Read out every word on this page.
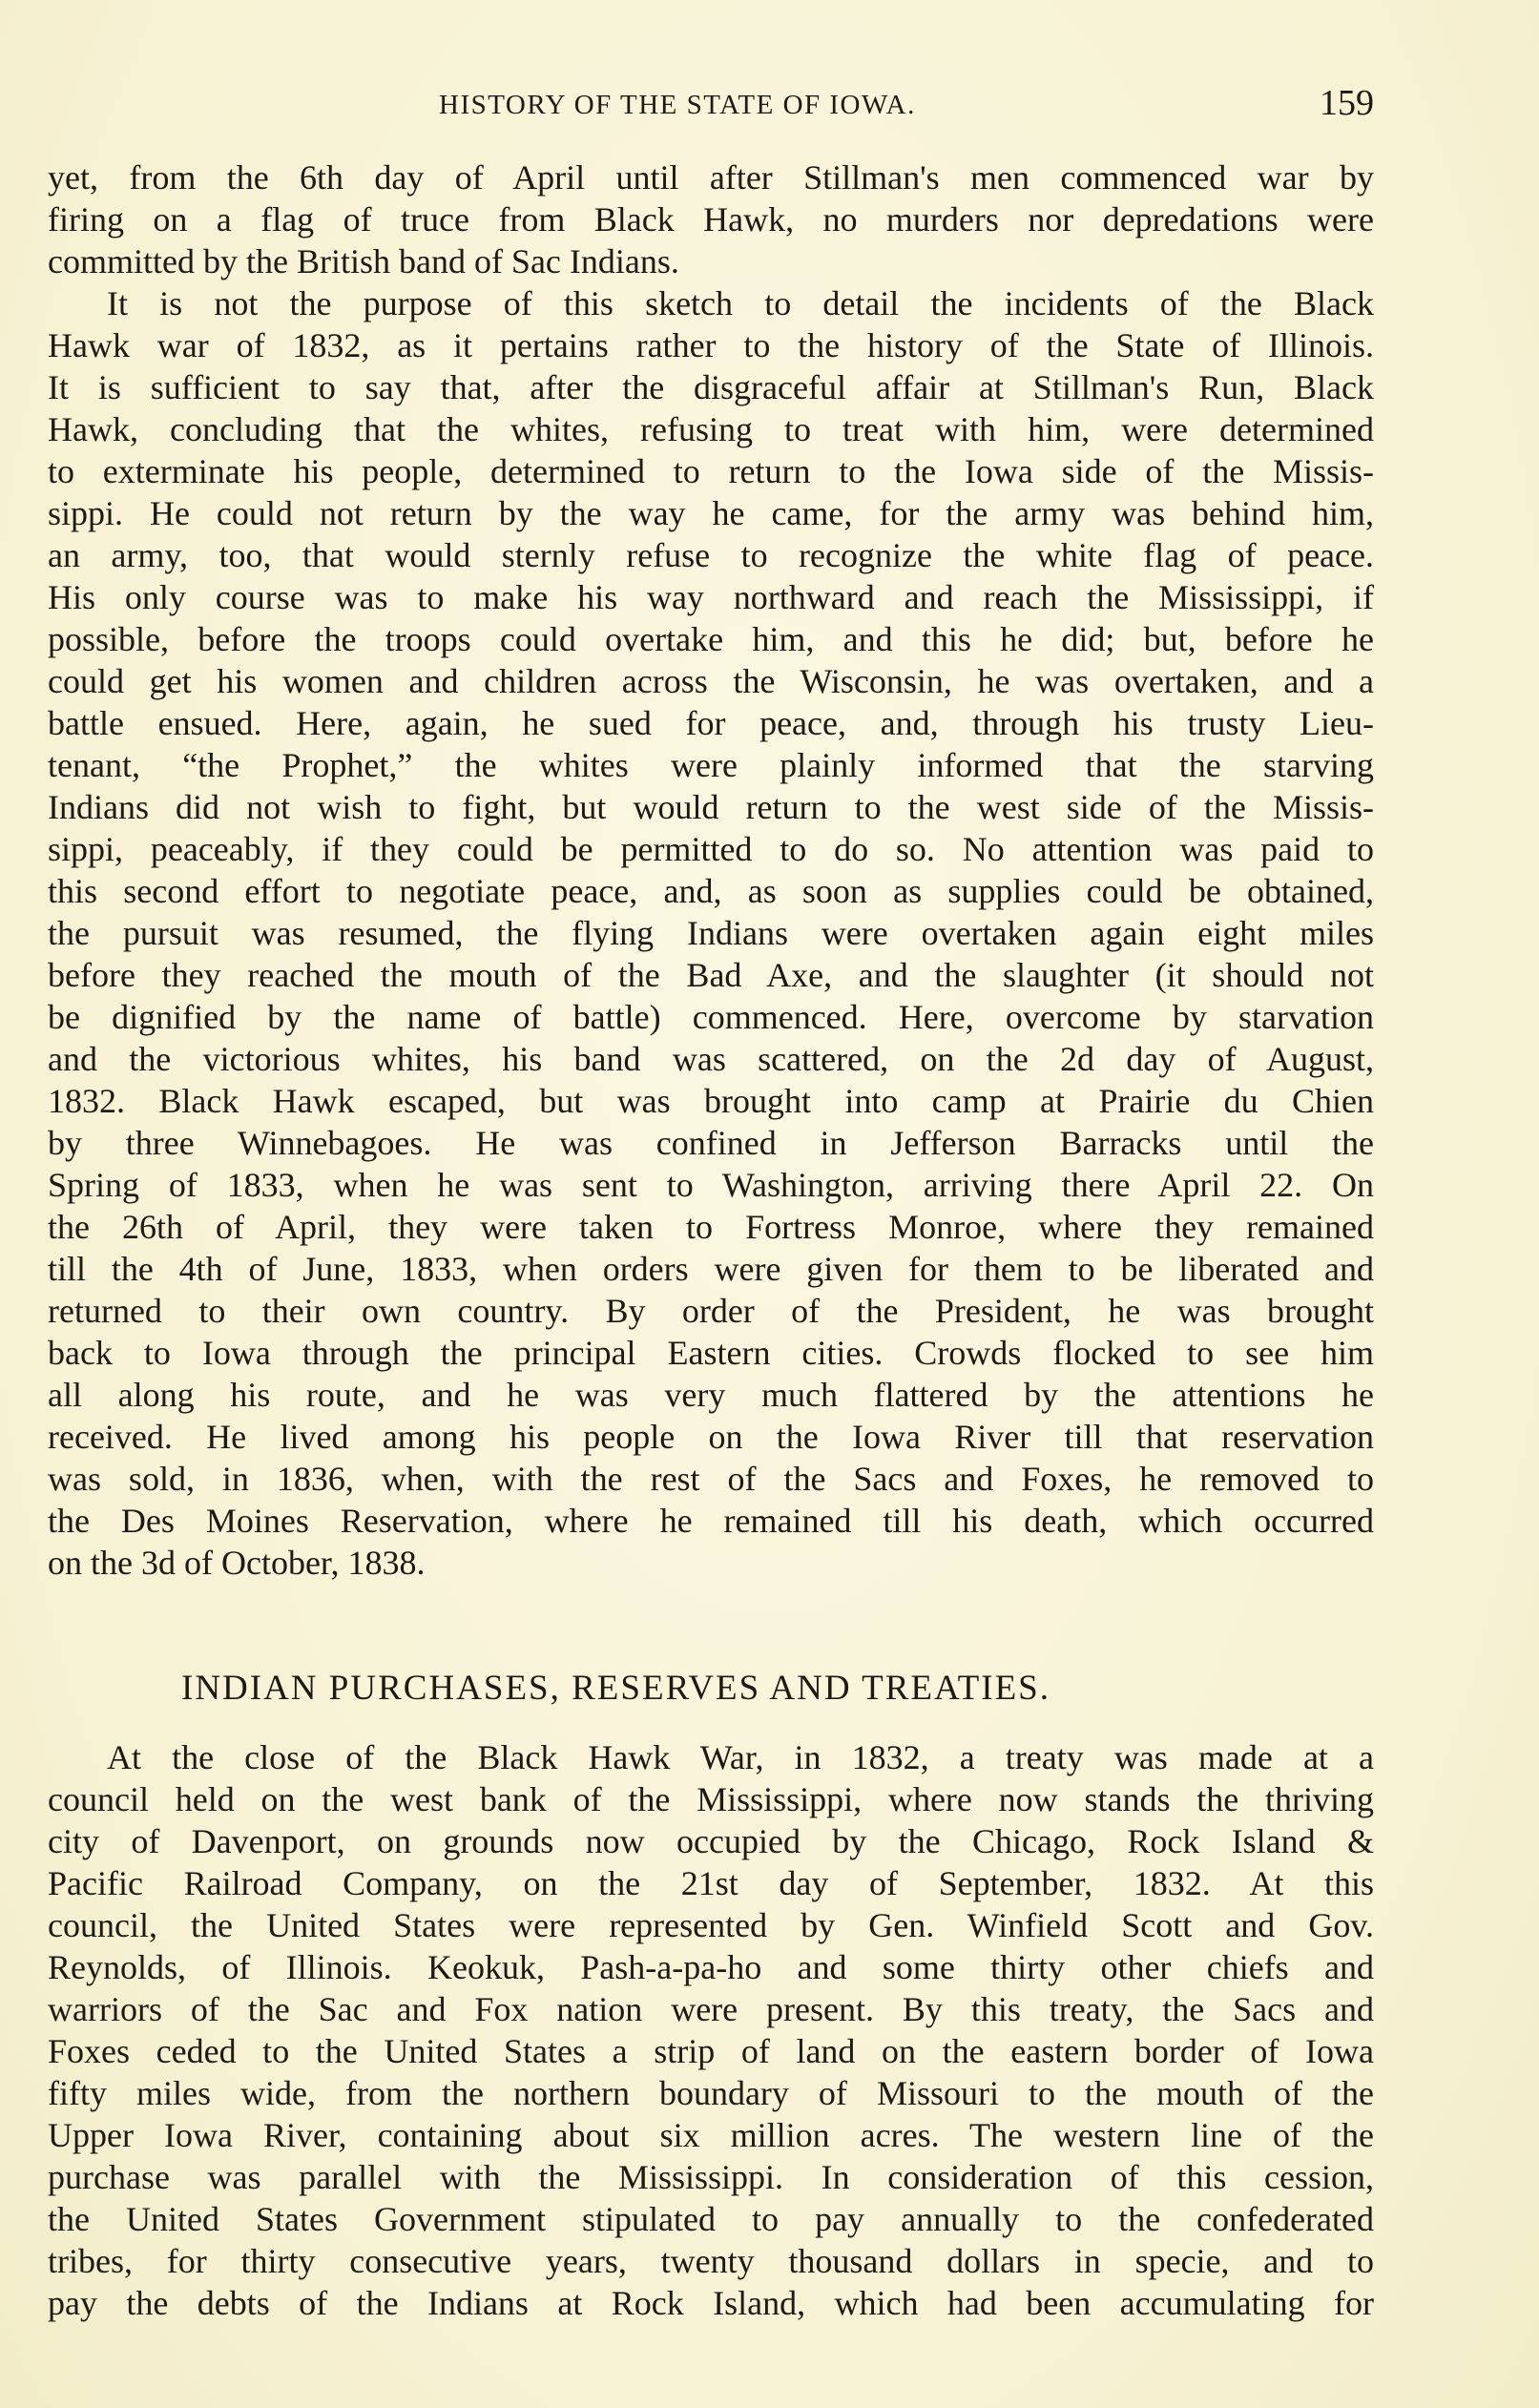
HISTORY OF THE STATE OF IOWA.	159
yet, from the 6th day of April until after Stillman's men commenced war by
firing on a flag of truce from Black Hawk, no murders nor depredations were
committed by the British band of Sac Indians.
It is not the purpose of this sketch to detail the incidents of the Black
Hawk war of 1832, as it pertains rather to the history of the State of Illinois.
It is sufficient to say that, after the disgraceful affair at Stillman's Run, Black
Hawk, concluding that the whites, refusing to treat with him, were determined
to exterminate his people, determined to return to the Iowa side of the Missis-
sippi. He could not return by the way he came, for the army was behind him,
an army, too, that would sternly refuse to recognize the white flag of peace.
His only course was to make his way northward and reach the Mississippi, if
possible, before the troops could overtake him, and this he did; but, before he
could get his women and children across the Wisconsin, he was overtaken, and a
battle ensued. Here, again, he sued for peace, and, through his trusty Lieu-
tenant, “the Prophet,” the whites were plainly informed that the starving
Indians did not wish to fight, but would return to the west side of the Missis-
sippi, peaceably, if they could be permitted to do so. No attention was paid to
this second effort to negotiate peace, and, as soon as supplies could be obtained,
the pursuit was resumed, the flying Indians were overtaken again eight miles
before they reached the mouth of the Bad Axe, and the slaughter (it should not
be dignified by the name of battle) commenced. Here, overcome by starvation
and the victorious whites, his band was scattered, on the 2d day of August,
1832. Black Hawk escaped, but was brought into camp at Prairie du Chien
by three Winnebagoes. He was confined in Jefferson Barracks until the
Spring of 1833, when he was sent to Washington, arriving there April 22. On
the 26th of April, they were taken to Fortress Monroe, where they remained
till the 4th of June, 1833, when orders were given for them to be liberated and
returned to their own country. By order of the President, he was brought
back to Iowa through the principal Eastern cities. Crowds flocked to see him
all along his route, and he was very much flattered by the attentions he
received. He lived among his people on the Iowa River till that reservation
was sold, in 1836, when, with the rest of the Sacs and Foxes, he removed to
the Des Moines Reservation, where he remained till his death, which occurred
on the 3d of October, 1838.
INDIAN PURCHASES, RESERVES AND TREATIES.
At the close of the Black Hawk War, in 1832, a treaty was made at a
council held on the west bank of the Mississippi, where now stands the thriving
city of Davenport, on grounds now occupied by the Chicago, Rock Island &
Pacific Railroad Company, on the 21st day of September, 1832. At this
council, the United States were represented by Gen. Winfield Scott and Gov.
Reynolds, of Illinois. Keokuk, Pash-a-pa-ho and some thirty other chiefs and
warriors of the Sac and Fox nation were present. By this treaty, the Sacs and
Foxes ceded to the United States a strip of land on the eastern border of Iowa
fifty miles wide, from the northern boundary of Missouri to the mouth of the
Upper Iowa River, containing about six million acres. The western line of the
purchase was parallel with the Mississippi. In consideration of this cession,
the United States Government stipulated to pay annually to the confederated
tribes, for thirty consecutive years, twenty thousand dollars in specie, and to
pay the debts of the Indians at Rock Island, which had been accumulating for
